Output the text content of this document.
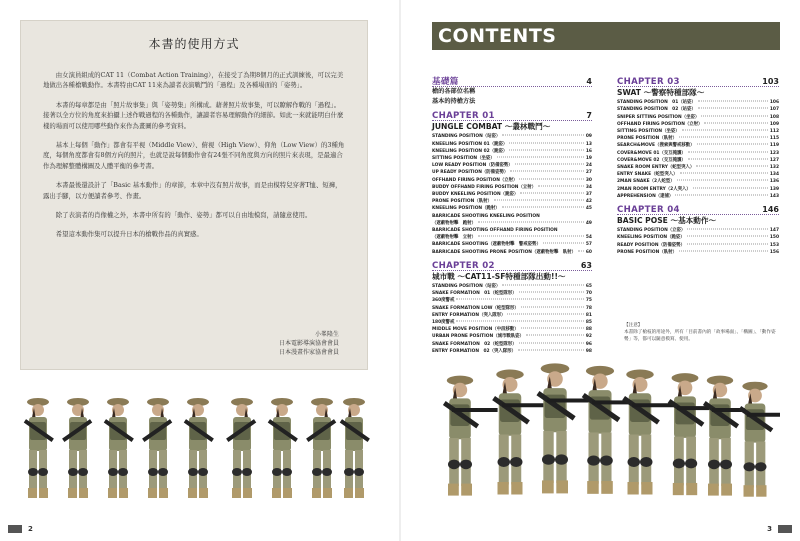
本書的使用方式

由女演員組成的CAT 11（Combat Action Training），在接受了為期8個月的正式訓練後，可以完美地做出各種槍戰動作。本書特由CAT 11來為讀者表演戰鬥的「過程」及各種場面的「姿勢」。

本書的每章都是由「照片故事集」與「姿勢集」所構成。藉著照片故事集，可以瞭解作戰的「過程」。接著以全方位的角度來拍攝上述作戰過程的各種動作，讓讀者容易理解動作的細節。如此一來就能明白什麼樣的場面可以使用哪些動作來作為畫圖的參考資料。

基本上每個「動作」都會有平視（Middle View）、俯視（High View）、仰角（Low View）的3種角度，每個角度都會有8個方向的照片，也就是說每個動作會有24張不同角度與方向的照片來表現，是最適合作為理解整體構圖及人體平衡的參考書。

本書最後還設計了「Basic 基本動作」的章節，本章中沒有照片故事，而是由模特兒穿著T恤、短褲，露出手腳，以方便讀者參考、作畫。

除了表演者的肖像權之外，本書中所有的「動作、姿勢」都可以自由地模寫，請隨意使用。

希望這本動作集可以提升日本的槍戰作品的真實感。

小峯隆生
日本電影導演協會會員
日本漫畫作家協會會員
2
CONTENTS
基礎篇	4
槍的各部位名稱
基本的持槍方法
CHAPTER 01	7
JUNGLE COMBAT ～叢林戰鬥～
STANDING POSITION（站姿）	09
KNEELING POSITION 01（跪姿）	13
KNEELING POSITION 02（跪姿）	16
SITTING POSITION（坐姿）	19
LOW READY POSITION（防備姿勢）	24
UP READY POSITION（防備姿勢）	27
OFFHAND FIRING POSITION（立射）	30
BUDDY OFFHAND FIRING POSITION（立射）	34
BUDDY KNEELING POSITION（跪姿）	37
PRONE POSITION（臥射）	42
KNEELING POSITION（跪射）	45
BARRICADE SHOOTING KNEELING POSITION
（遮蔽物射擊　跪射）	49
BARRICADE SHOOTING OFFHAND FIRING POSITION
（遮蔽物射擊　立射）	54
BARRICADE SHOOTING（遮蔽物射擊　警戒姿勢）	57
BARRICADE SHOOTING PRONE POSITION（遮蔽物射擊　臥射） 60
CHAPTER 02	63
城市戰 ～CAT11-SF特種部隊出動!!～
STANDING POSITION（站姿）	65
SNAKE FORMATION　01（蛇型隊形）	70
360度警戒	75
SNAKE FORMATION LOW（蛇型隊形）	78
ENTRY FORMATION（突入隊形）	81
180度警戒	85
MIDDLE MOVE POSITION（中段移動）	88
URBAN PRONE POSITION（城市戰臥姿）	92
SNAKE FORMATION　02（蛇型隊形）	96
ENTRY FORMATION　02（突入隊形）	98
CHAPTER 03	103
SWAT ～警察特種部隊～
STANDING POSITION　01（站姿）	106
STANDING POSITION　02（站姿）	107
SNIPER SITTING POSITION（坐姿）	108
OFFHAND FIRING POSITION（立射）	109
SITTING POSITION（坐姿）	112
PRONE POSITION（臥射）	115
SEARCH&MOVE（搜索與警戒移動）	119
COVER&MOVE 01（交互掩護）	123
COVER&MOVE 02（交互掩護）	127
SNAKE ROOM ENTRY（蛇型突入）	132
ENTRY SNAKE（蛇型突入）	134
2MAN SNAKE（2人蛇型）	136
2MAN ROOM ENTRY（2人突入）	139
APPREHENSION（逮捕）	143
CHAPTER 04	146
BASIC POSE ～基本動作～
STANDING POSITION（立姿）	147
KNEELING POSITION（跪姿）	150
READY POSITION（防備姿勢）	153
PRONE POSITION（臥射）	156
【注意】
本書除了槍枝的用途外，所有「目前書內的「故事場面」、「構圖」、「動作姿勢」等，都可以隨意模寫、使用。
3
